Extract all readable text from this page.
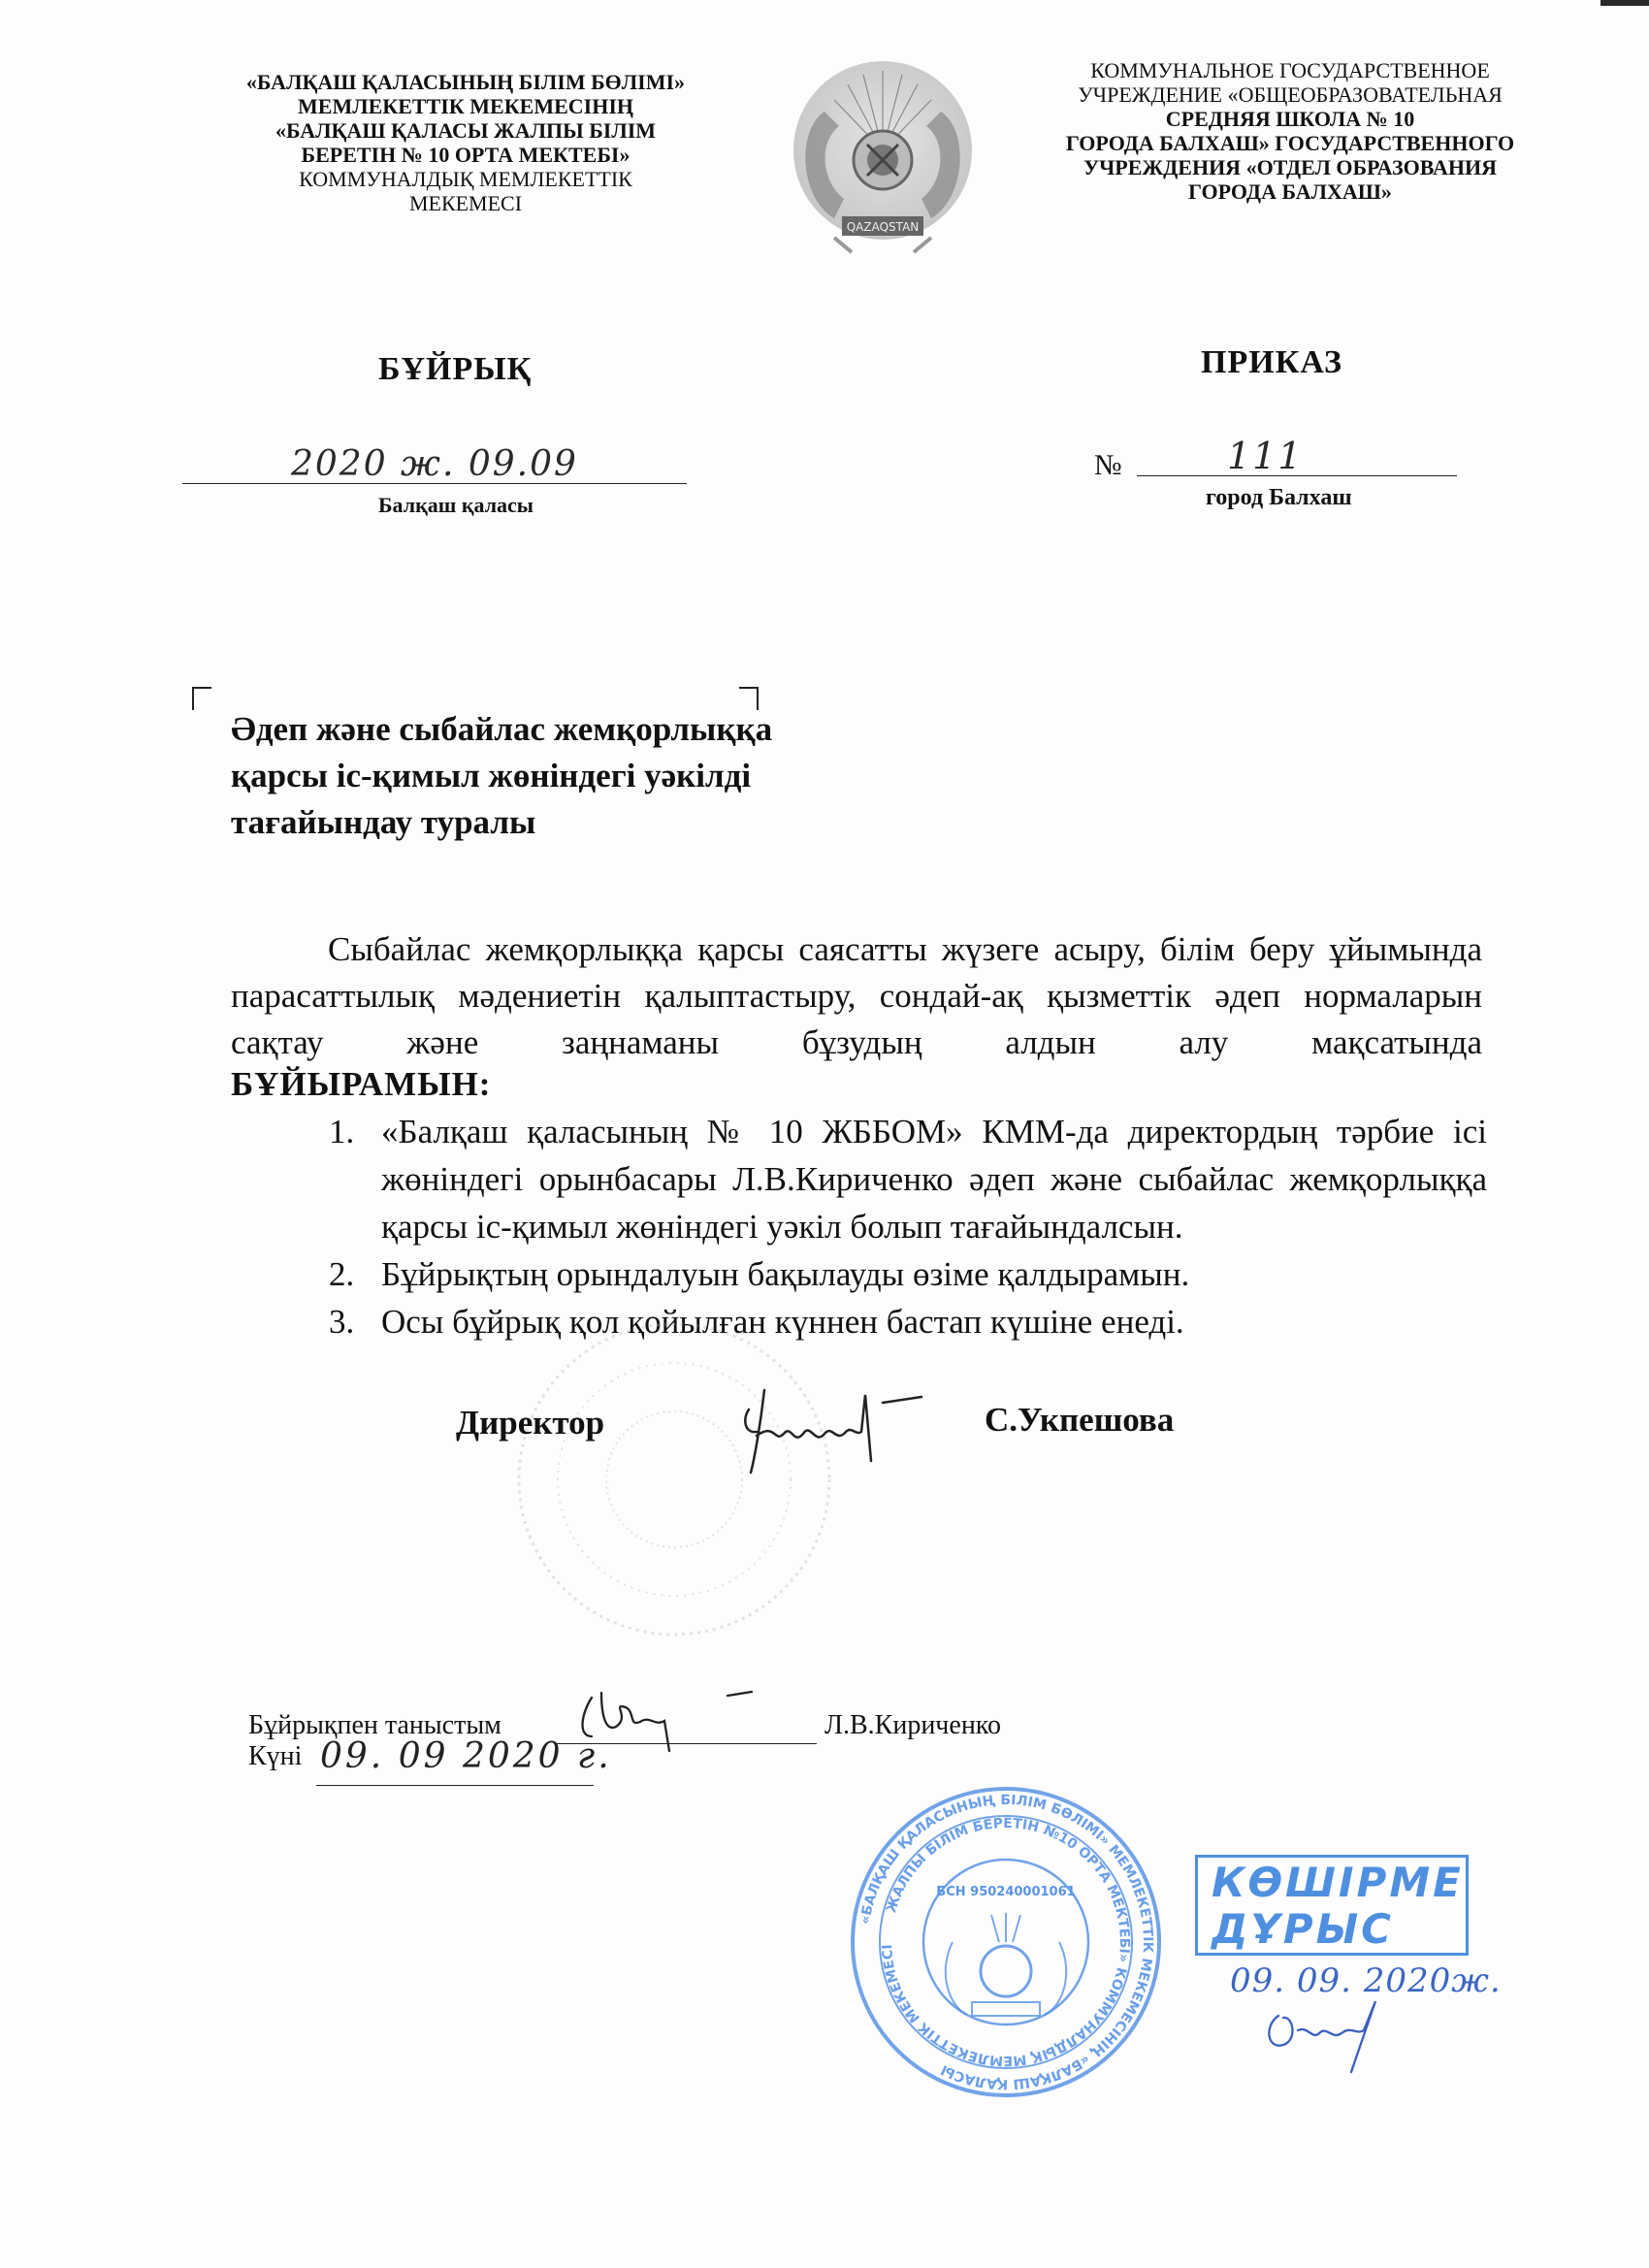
«БАЛҚАШ ҚАЛАСЫНЫҢ БІЛІМ БӨЛІМІ»
МЕМЛЕКЕТТІК МЕКЕМЕСІНІҢ
«БАЛҚАШ ҚАЛАСЫ ЖАЛПЫ БІЛІМ
БЕРЕТІН № 10 ОРТА МЕКТЕБІ»
КОММУНАЛДЫҚ МЕМЛЕКЕТТІК
МЕКЕМЕСІ
QAZAQSTAN
КОММУНАЛЬНОЕ ГОСУДАРСТВЕННОЕ
УЧРЕЖДЕНИЕ «ОБЩЕОБРАЗОВАТЕЛЬНАЯ
СРЕДНЯЯ ШКОЛА № 10
ГОРОДА БАЛХАШ» ГОСУДАРСТВЕННОГО
УЧРЕЖДЕНИЯ «ОТДЕЛ ОБРАЗОВАНИЯ
ГОРОДА БАЛХАШ»
БҰЙРЫҚ	ПРИКАЗ
2020 ж. 09.09
Балқаш қаласы
№	111
город Балхаш
Әдеп және сыбайлас жемқорлыққа
қарсы іс-қимыл жөніндегі уәкілді
тағайындау туралы
Сыбайлас жемқорлыққа қарсы саясатты жүзеге асыру, білім беру ұйымында парасаттылық мәдениетін қалыптастыру, сондай-ақ қызметтік әдеп нормаларын сақтау және заңнаманы бұзудың алдын алу мақсатында
БҰЙЫРАМЫН:
1. «Балқаш қаласының № 10 ЖББОМ» КММ-да директордың тәрбие ісі жөніндегі орынбасары Л.В.Кириченко әдеп және сыбайлас жемқорлыққа қарсы іс-қимыл жөніндегі уәкіл болып тағайындалсын.
2. Бұйрықтың орындалуын бақылауды өзіме қалдырамын.
3. Осы бұйрық қол қойылған күннен бастап күшіне енеді.
Директор	С.Укпешова
Бұйрықпен таныстым	Л.В.Кириченко
Күні 09. 09 2020 г.
«БАЛҚАШ ҚАЛАСЫНЫҢ БІЛІМ БӨЛІМІ» МЕМЛЕКЕТТІК МЕКЕМЕСІНІҢ «БАЛҚАШ ҚАЛАСЫ
ЖАЛПЫ БІЛІМ БЕРЕТІН №10 ОРТА МЕКТЕБІ» КОММУНАЛДЫҚ МЕМЛЕКЕТТІК МЕКЕМЕСІ
БСН 950240001061	КӨШІРМЕ
ДҰРЫС
09. 09. 2020ж.
